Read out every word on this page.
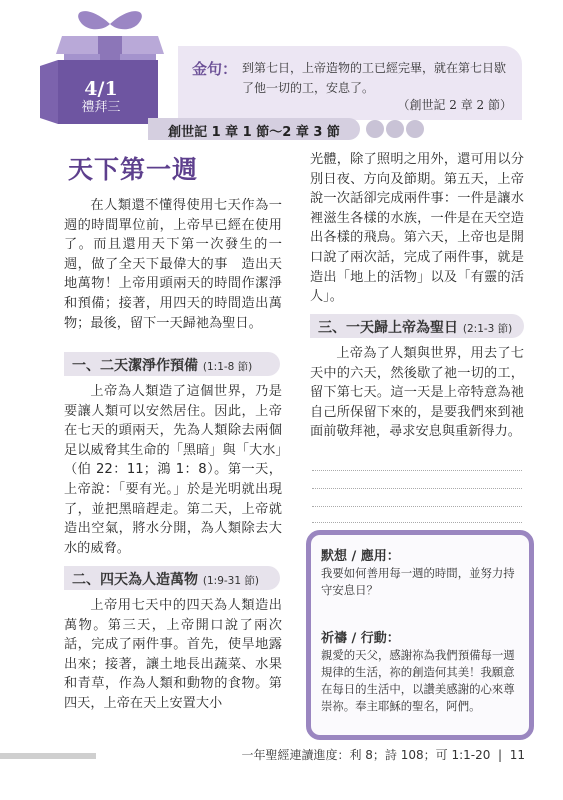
4/1
禮拜三
金句： 到第七日，上帝造物的工已經完畢，就在第七日歇了他一切的工，安息了。
（創世記 2 章 2 節）
創世記 1 章 1 節～2 章 3 節
天下第一週

在人類還不懂得使用七天作為一週的時間單位前，上帝早已經在使用了。而且還用天下第一次發生的一週，做了全天下最偉大的事　造出天地萬物！上帝用頭兩天的時間作潔淨和預備；接著，用四天的時間造出萬物；最後，留下一天歸祂為聖日。

一、二天潔淨作預備 (1:1-8 節)

上帝為人類造了這個世界，乃是要讓人類可以安然居住。因此，上帝在七天的頭兩天，先為人類除去兩個足以威脅其生命的「黑暗」與「大水」（伯 22：11；鴻 1：8）。第一天，上帝說：「要有光。」於是光明就出現了，並把黑暗趕走。第二天，上帝就造出空氣，將水分開，為人類除去大水的威脅。

二、四天為人造萬物 (1:9-31 節)

上帝用七天中的四天為人類造出萬物。第三天，上帝開口說了兩次話，完成了兩件事。首先，使旱地露出來；接著，讓土地長出蔬菜、水果和青草，作為人類和動物的食物。第四天，上帝在天上安置大小

光體，除了照明之用外，還可用以分別日夜、方向及節期。第五天，上帝說一次話卻完成兩件事：一件是讓水裡滋生各樣的水族，一件是在天空造出各樣的飛鳥。第六天，上帝也是開口說了兩次話，完成了兩件事，就是造出「地上的活物」以及「有靈的活人」。

三、一天歸上帝為聖日 (2:1-3 節)

上帝為了人類與世界，用去了七天中的六天，然後歇了祂一切的工，留下第七天。這一天是上帝特意為祂自己所保留下來的，是要我們來到祂面前敬拜祂，尋求安息與重新得力。

默想 / 應用：
我要如何善用每一週的時間，並努力持守安息日？
祈禱 / 行動：
親愛的天父，感謝祢為我們預備每一週規律的生活，祢的創造何其美！我願意在每日的生活中，以讚美感謝的心來尊崇祢。奉主耶穌的聖名，阿們。
一年聖經連讀進度：利 8；詩 108；可 1:1-20  |  11
